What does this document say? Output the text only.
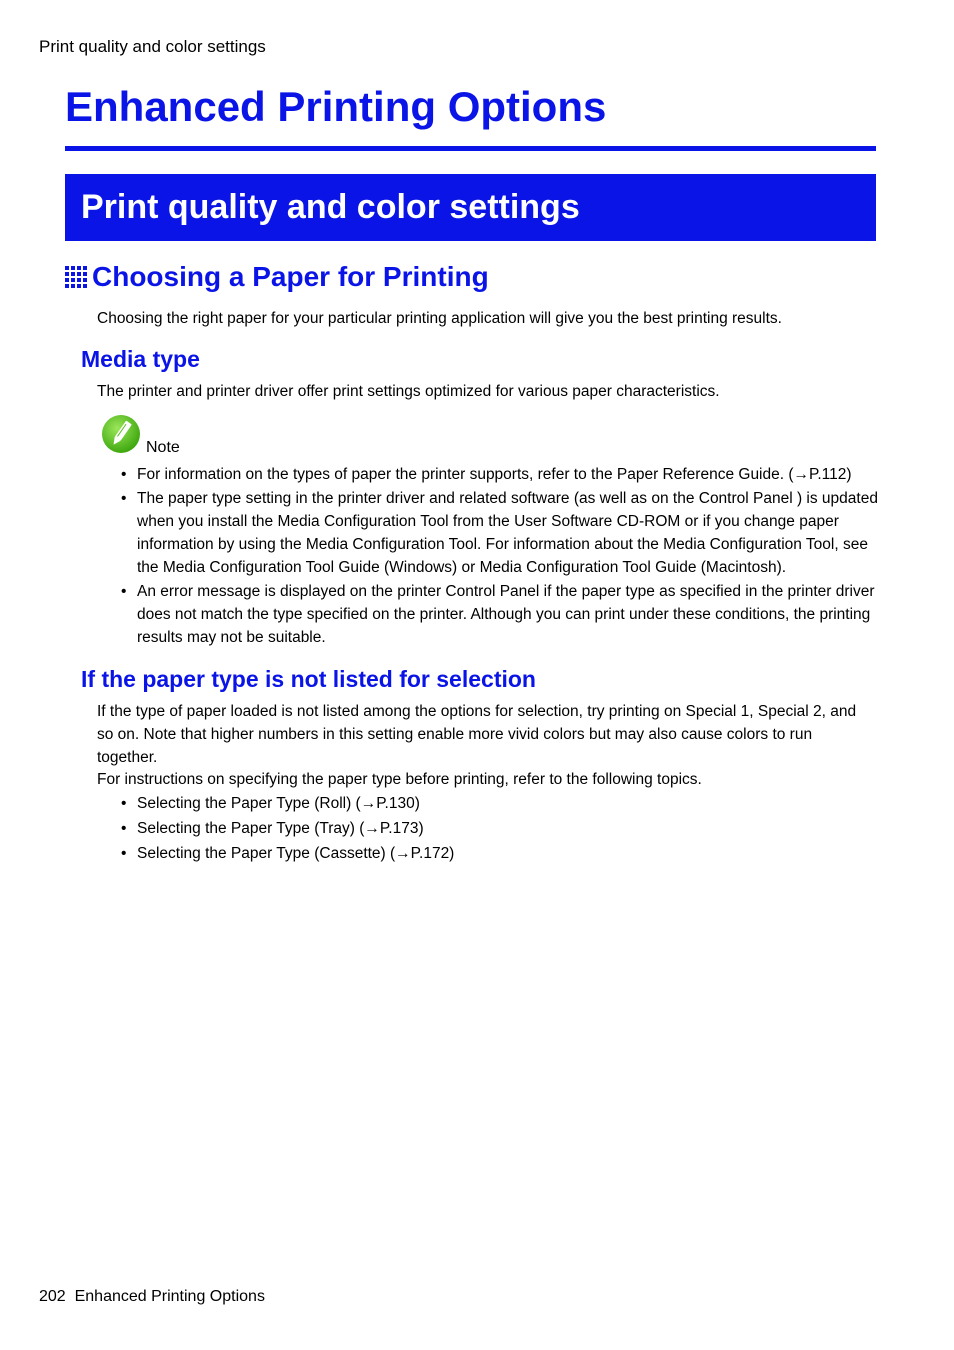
Print quality and color settings
Enhanced Printing Options
Print quality and color settings
Choosing a Paper for Printing

Choosing the right paper for your particular printing application will give you the best printing results.

Media type

The printer and printer driver offer print settings optimized for various paper characteristics.

Note
• For information on the types of paper the printer supports, refer to the Paper Reference Guide. (→P.112)
• The paper type setting in the printer driver and related software (as well as on the Control Panel ) is updated when you install the Media Configuration Tool from the User Software CD-ROM or if you change paper information by using the Media Configuration Tool. For information about the Media Configuration Tool, see the Media Configuration Tool Guide (Windows) or Media Configuration Tool Guide (Macintosh).
• An error message is displayed on the printer Control Panel if the paper type as specified in the printer driver does not match the type specified on the printer. Although you can print under these conditions, the printing results may not be suitable.
If the paper type is not listed for selection

If the type of paper loaded is not listed among the options for selection, try printing on Special 1, Special 2, and so on. Note that higher numbers in this setting enable more vivid colors but may also cause colors to run together.

For instructions on specifying the paper type before printing, refer to the following topics.

• Selecting the Paper Type (Roll) (→P.130)
• Selecting the Paper Type (Tray) (→P.173)
• Selecting the Paper Type (Cassette) (→P.172)
202 Enhanced Printing Options
